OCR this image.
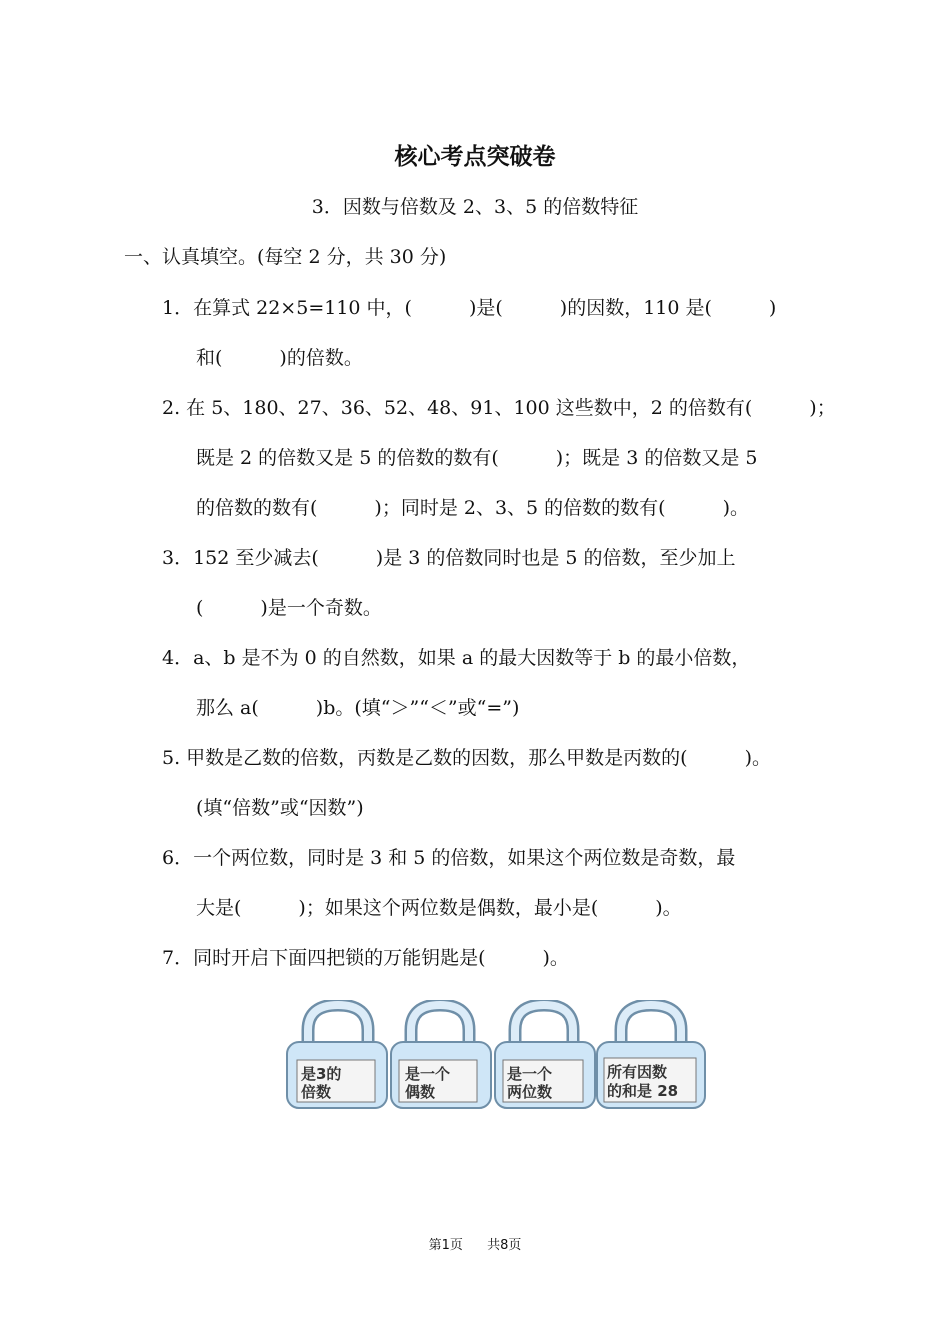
核心考点突破卷
3．因数与倍数及 2、3、5 的倍数特征
一、认真填空。(每空 2 分，共 30 分)
1．在算式 22×5=110 中，(　　　)是(　　　)的因数，110 是(　　　)
和(　　　)的倍数。
2. 在 5、180、27、36、52、48、91、100 这些数中，2 的倍数有(　　　)；
既是 2 的倍数又是 5 的倍数的数有(　　　)；既是 3 的倍数又是 5
的倍数的数有(　　　)；同时是 2、3、5 的倍数的数有(　　　)。
3．152 至少减去(　　　)是 3 的倍数同时也是 5 的倍数，至少加上
(　　　)是一个奇数。
4．a、b 是不为 0 的自然数，如果 a 的最大因数等于 b 的最小倍数，
那么 a(　　　)b。(填“＞”“＜”或“=”)
5. 甲数是乙数的倍数，丙数是乙数的因数，那么甲数是丙数的(　　　)。
(填“倍数”或“因数”)
6．一个两位数，同时是 3 和 5 的倍数，如果这个两位数是奇数，最
大是(　　　)；如果这个两位数是偶数，最小是(　　　)。
7．同时开启下面四把锁的万能钥匙是(　　　)。
是3的
倍数
是一个
偶数
是一个
两位数
所有因数
的和是 28
第1页 共8页
